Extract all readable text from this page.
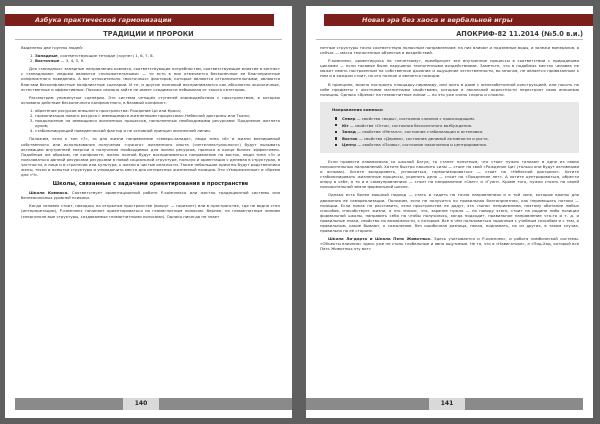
Азбука практической гармонизации
ТРАДИЦИИ И ПРОРОКИ

Выделены две группы людей:

1. Западные, соответствующие тетраде («руне») 1, 6, 7, 8.
2. Восточные — 3, 4, 5, 9.

Для «западных» западные направления компаса, соответствующие потребностям, соответствующие влиятие в контакт с «западными» людьми являются «положительными» — то есть в них отмечается бесконечные ее благоприятные конфликтного поведения. А вот относительно «восточных» факторов, которые являются отграничительными, являются благами бесконфликтные конфликтные сценарии. И те, и другие полнокой воспринимаются как абсолютно экологичные, естественные и эффективные. Похоже связано зайте не имеет сходимости небывалая от такого категории.

Рассмотрим упомянутые сценарии. Это система четырёх ступеней взаимодействия с пространством, в которых основано действие бесконечного конфликтного, в базовый конфликт:

1. обретение ресурсов внешнего пространства: Рождение Ци или Кроса;
2. гармонизация нового ресурса с имеющимися жизненными процессами: Небесной доктрины или Ткани;
3. продолжение на имеющиеся жизненных процессов, наполненных необходимыми ресурсами: Продление жетнего духов;
4. стабилизирующий поведенческий фактор и не основной принцип жизненной линии.

Положим, если к тип «7», то для жизни направление «северо-запада», люди типа «6» и жизни внезиравной собственного или использования получения «чужого» жизненного опыта («интеллектуального») будут вызывать активацию внутренней энергии и получения необходимых для жизни ресурсов, принося в конце бизнес эффективно. Подобным же образом, не конфликте, жизнь полной будут восприниматься направление на восток, люди типа «3» и пользоваться данной ресурсами ресурсами в новой социальной структуре, пользуя и ориентация с делевая в структурах, в частности, в лице и в стратегии или культура, к жизни в чистые опасности. Также небольшие приятны будут родственники жены, тески и попытки структуры и упорядочить места для интересных жизненный позиция. Это «Умереженные» и «Время для «Ч».

Школы, связанные с задачами ориентирования в пространстве

Школа Компаса. Соответствует ориентационной работе Р-комплекса или жестко традиционной системы или безнеосильных уровней психики.

Когда человек стоит, находясь на открытом пространстве (вокруг — горизонт) или в пространстве, где не видно стен (интерпретации), Р-комплекс начинает ориентироваться по геомагнитным полюсам. Вернее, по геомагнитным линиям (энергополе вые структуры, создаваемые геомагнитными полосами). Однако никогда не знает

140
Новая эра без хаоса и вербальной игры
АПОКРИФ-82 11.2014 (№5.0 в.и.)

нетные структуры точно соответствую полюсным направлениям: на них влияют и подземные воды, и залежи минералов, а сейчас — масса техногенных объектов и воздействий.

Р-комплекс, ориентируясь по «нечеткому», преобразует все внутренние процессы в соответствии с природными циклами — если таковые были нарушены техногенными воздействиями. Заметьте, что в подобных местах человек не может иметь настроенным на собственное дыхание и ощущение естественности, во многом, не является привязанным к ним и в каждом стоит, но ото полное и является позиции.

В принципе, можно построить площадку-пирамиду, или жить в доме с железобетонной конструкцией, или носить на себе предметы с жесткими магнитными свойствами, которые в локальной окрестности перестроят свою внешнюю позицию. Однако «Время» на геомагнитные линии — но это уже очень спорно и сложно.

Направления компаса:
Север — свойства «воды», состояния слияния с происходящим.
Юг — свойства «Огня», состояния бесконечного возбуждения.
Запад — свойства «Металл», состояние стабилизации и остановки.
Восток — свойства «Дерева», состояние делимой активности и роста.
Центр — свойства «Почвы», состояние накопления и центрирования.

Если провести взаимосвязь со школой Багуа, то станет понятным, что стоит нужно толкают в одно из своих положительных направлений. Хотите быстро накопить силы — стоит на свой «Рождение Ци» (только они будут активными и ясными). Хотите выздороветь, успокоиться, гармонизироваться — стоит на «Небесной доктрине». Хотите стабилизировать жизненные процессы, укрепить дело — стоит на «Продление лет». А хотите центрироваться, обрести опору в себе, а то и в самоуправлениях — стоит на направление «Свет» и «Гуан». Кроме того, нужно стоять на своей положительной земле формальной школе.

Однако есть более мощный подход — стать и сидеть на точно направлениях и в той зоне, которые важны для движения её самореализации. Положим, если не получится ко правильная благоприятная, как перемещать потоки — позиции. Если никак не расставить, если пространства не дадут, эта «зона» неприемлема, поэтому обитание любых способов, способствует жизни, а это значит, что, заранее нужно — по поводу этого, стоит на родине либо позиции формальной школы, направить себя на чтобы получилось, когда подходит, правильное направление что-то и т. д. и правильные знаки, свойство по возможности, к которым. Всё в чём пользоваться заданным с учебным способом и с тем, и правильным, какие бывают, к сожалению, без ошибочная разница, некая, поднимать, но из других, в таком случае, правильно на её стороне.

Школа Ли-дарта и Школа Пяти Животных. Здесь учитывается и Р-комплекс, и работа лимбической системы. «Объекты влияния» здесь уже не столь глобальные и явно ощутимые. Не то, что в «Навигаторе», а «Под-Хад, который все Пять Животных эту вот»

141
